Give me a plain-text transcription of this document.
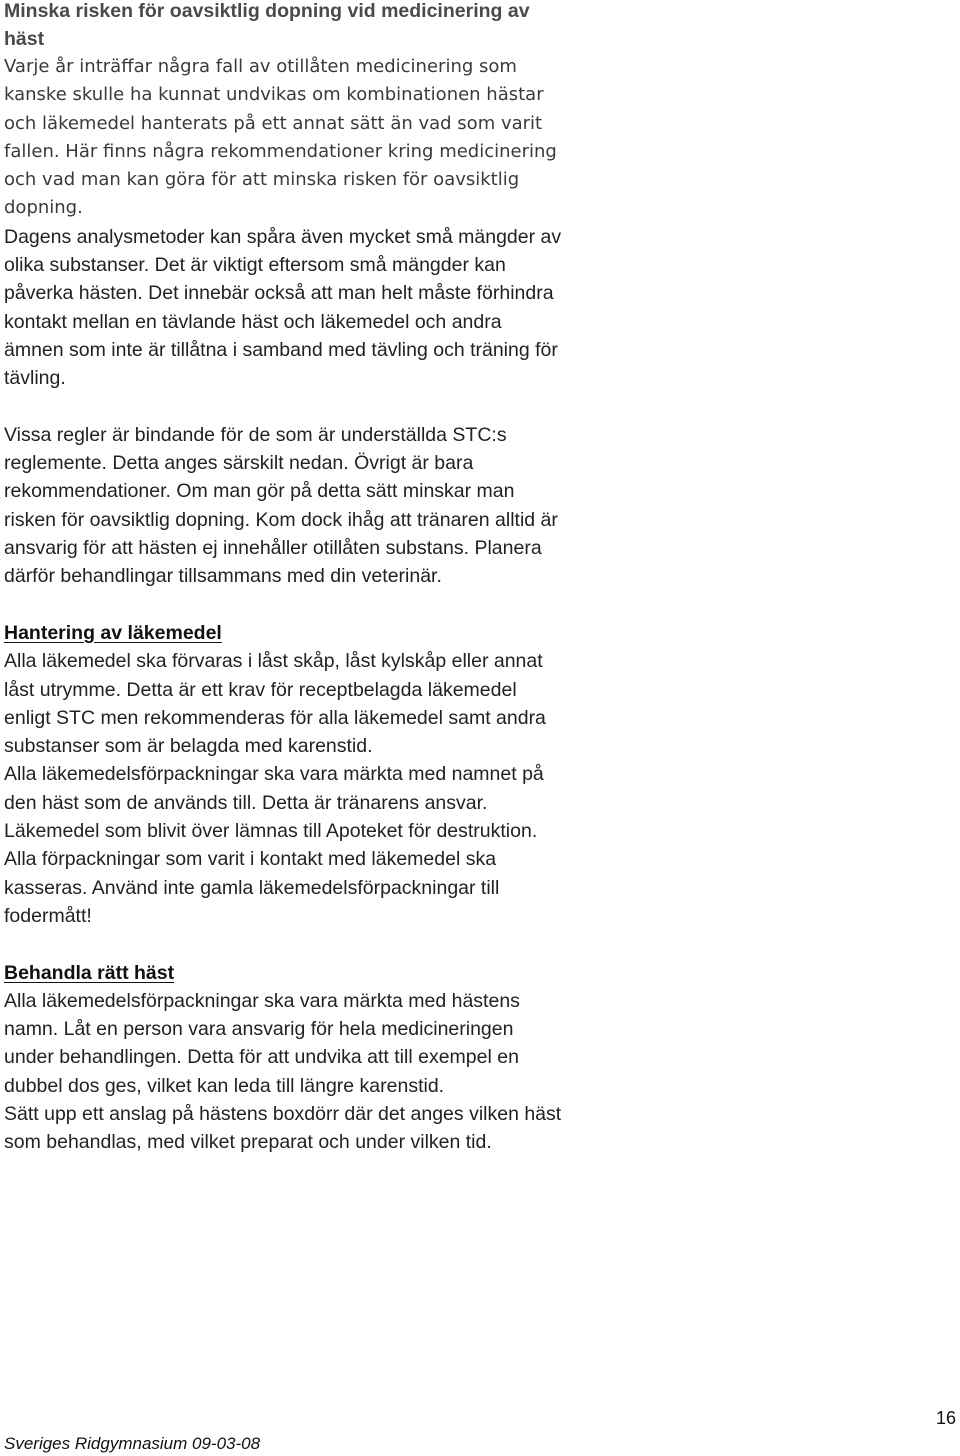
Minska risken för oavsiktlig dopning vid medicinering av häst

Varje år inträffar några fall av otillåten medicinering som kanske skulle ha kunnat undvikas om kombinationen hästar och läkemedel hanterats på ett annat sätt än vad som varit fallen. Här finns några rekommendationer kring medicinering och vad man kan göra för att minska risken för oavsiktlig dopning.

Dagens analysmetoder kan spåra även mycket små mängder av olika substanser. Det är viktigt eftersom små mängder kan påverka hästen. Det innebär också att man helt måste förhindra kontakt mellan en tävlande häst och läkemedel och andra ämnen som inte är tillåtna i samband med tävling och träning för tävling.

Vissa regler är bindande för de som är underställda STC:s reglemente. Detta anges särskilt nedan. Övrigt är bara rekommendationer. Om man gör på detta sätt minskar man risken för oavsiktlig dopning. Kom dock ihåg att tränaren alltid är ansvarig för att hästen ej innehåller otillåten substans. Planera därför behandlingar tillsammans med din veterinär.

Hantering av läkemedel

Alla läkemedel ska förvaras i låst skåp, låst kylskåp eller annat låst utrymme. Detta är ett krav för receptbelagda läkemedel enligt STC men rekommenderas för alla läkemedel samt andra substanser som är belagda med karenstid.

Alla läkemedelsförpackningar ska vara märkta med namnet på den häst som de används till. Detta är tränarens ansvar.

Läkemedel som blivit över lämnas till Apoteket för destruktion.

Alla förpackningar som varit i kontakt med läkemedel ska kasseras. Använd inte gamla läkemedelsförpackningar till fodermått!

Behandla rätt häst

Alla läkemedelsförpackningar ska vara märkta med hästens namn. Låt en person vara ansvarig för hela medicineringen under behandlingen. Detta för att undvika att till exempel en dubbel dos ges, vilket kan leda till längre karenstid.

Sätt upp ett anslag på hästens boxdörr där det anges vilken häst som behandlas, med vilket preparat och under vilken tid.

16
Sveriges Ridgymnasium 09-03-08
